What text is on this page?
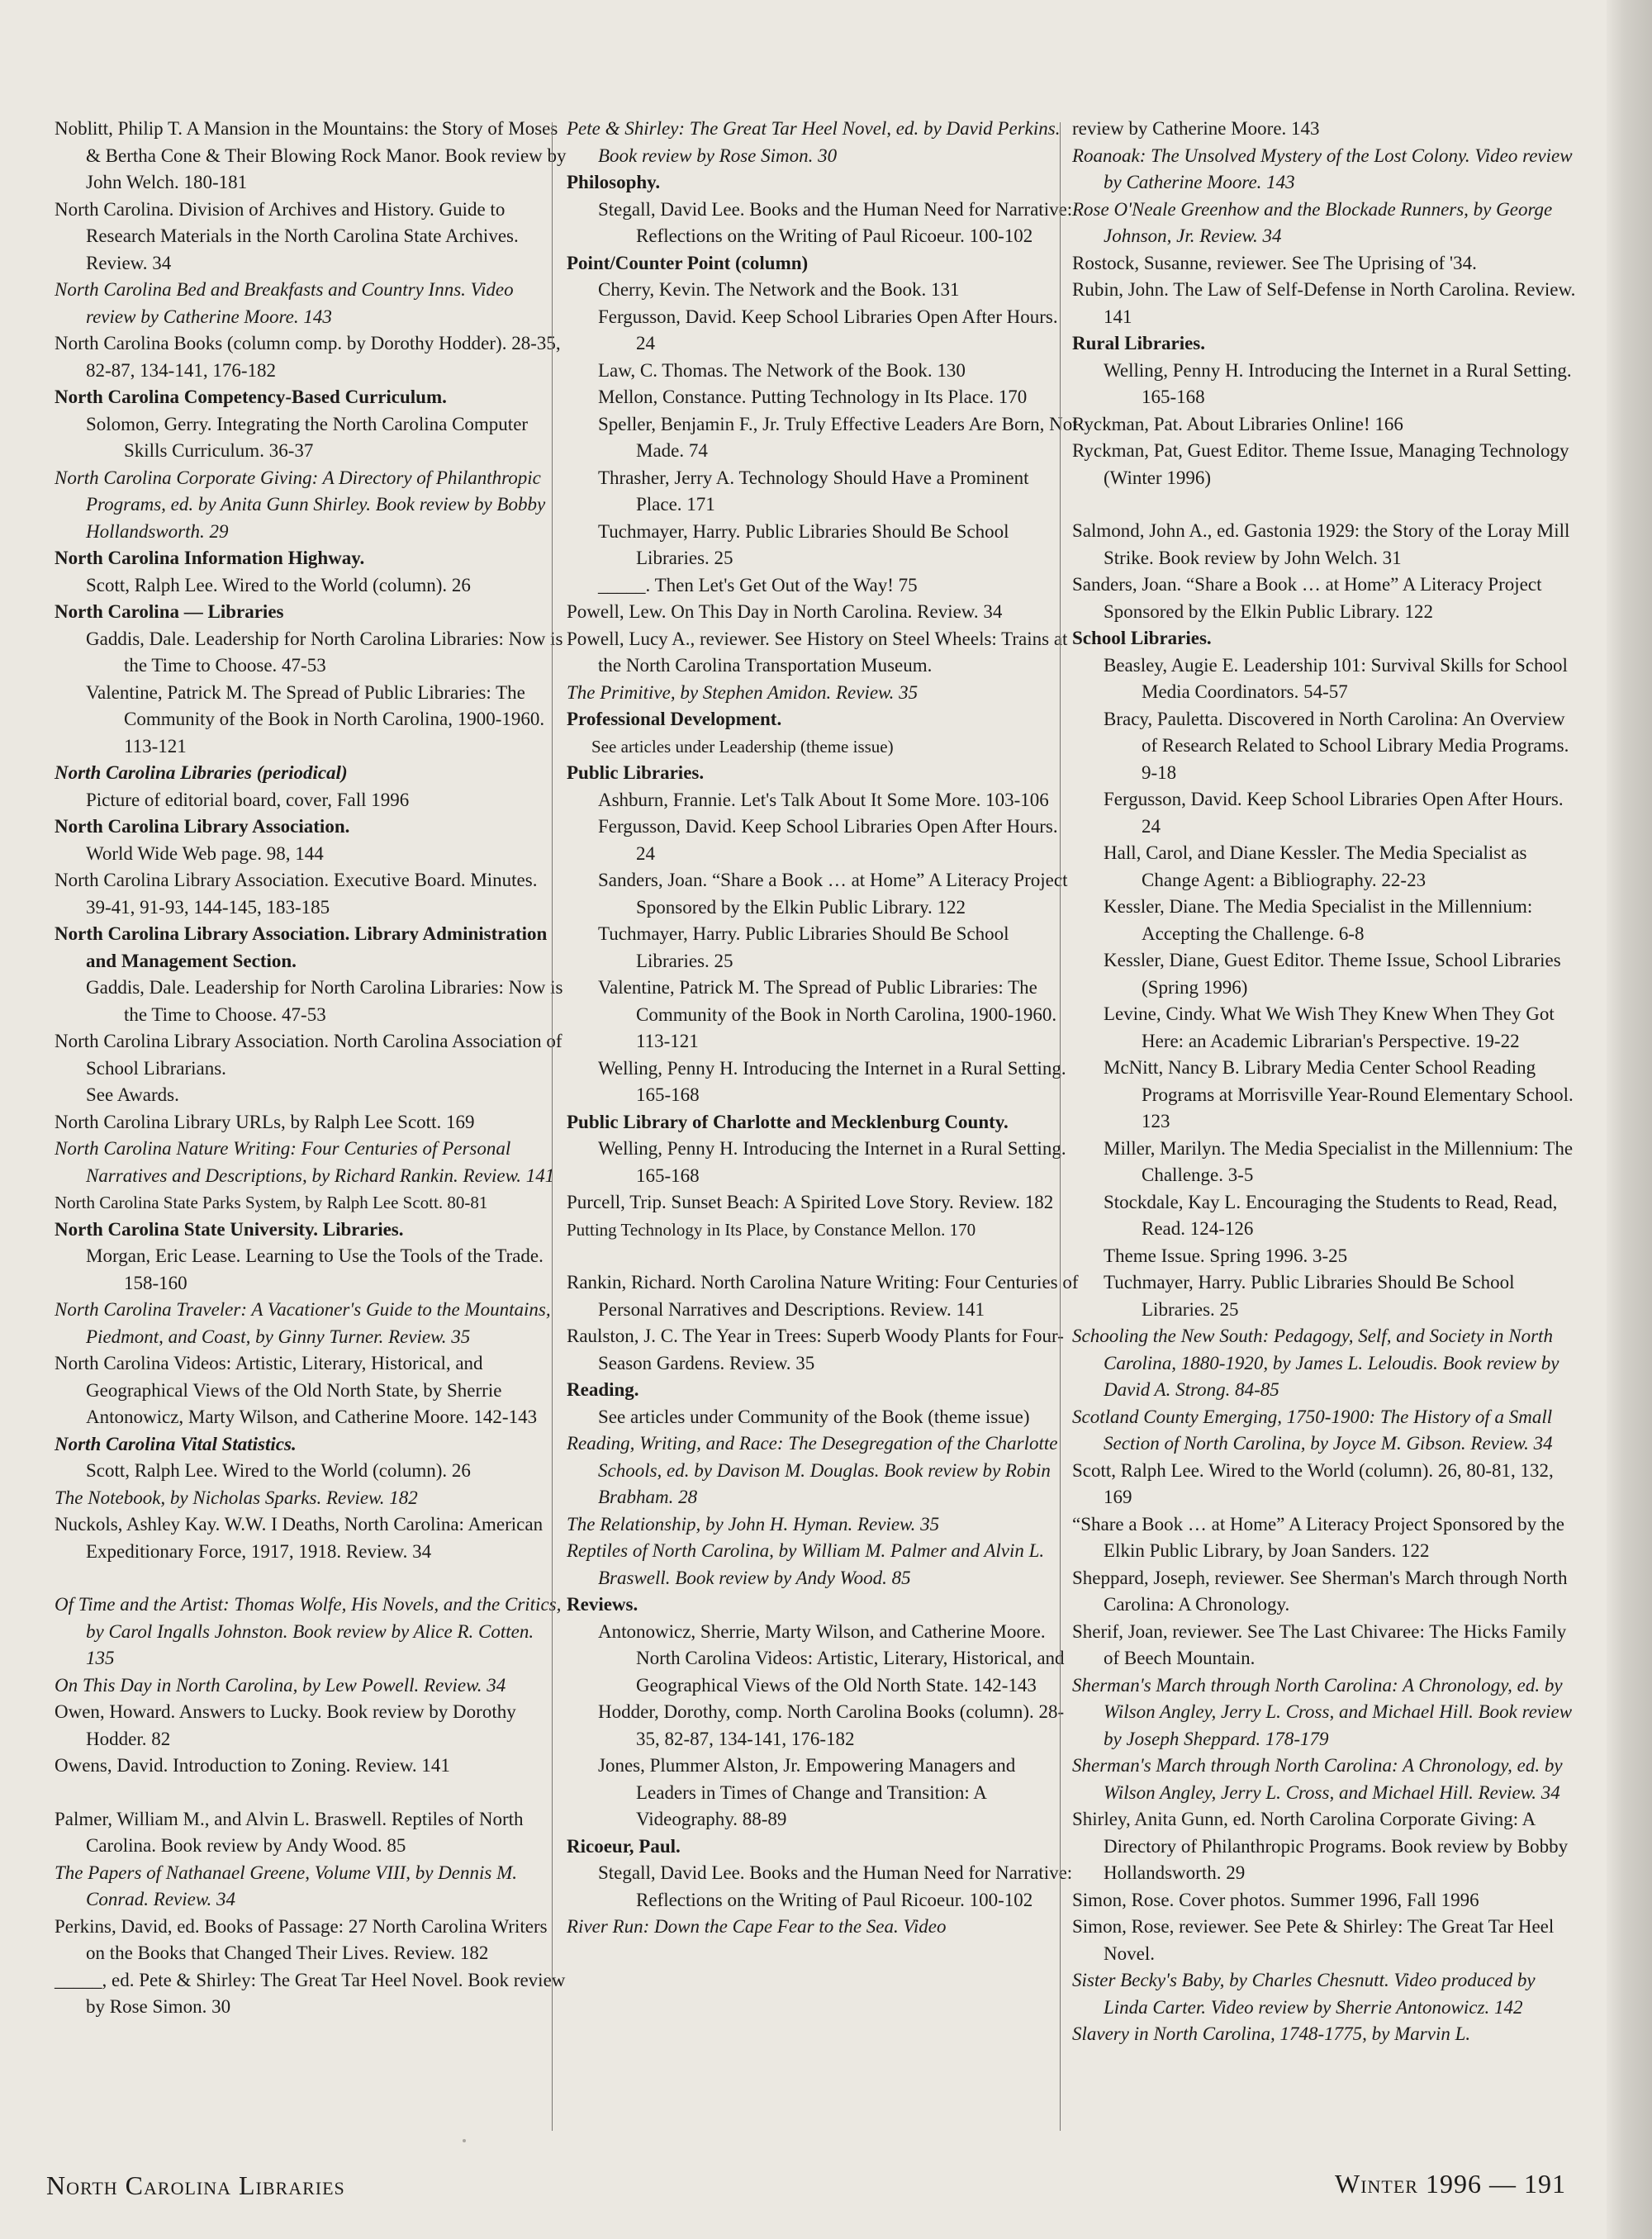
Noblitt, Philip T. A Mansion in the Mountains: the Story of Moses & Bertha Cone & Their Blowing Rock Manor. Book review by John Welch. 180-181
North Carolina. Division of Archives and History. Guide to Research Materials in the North Carolina State Archives. Review. 34
North Carolina Bed and Breakfasts and Country Inns. Video review by Catherine Moore. 143
North Carolina Books (column comp. by Dorothy Hodder). 28-35, 82-87, 134-141, 176-182
North Carolina Competency-Based Curriculum.
Solomon, Gerry. Integrating the North Carolina Computer Skills Curriculum. 36-37
North Carolina Corporate Giving: A Directory of Philanthropic Programs, ed. by Anita Gunn Shirley. Book review by Bobby Hollandsworth. 29
North Carolina Information Highway.
Scott, Ralph Lee. Wired to the World (column). 26
North Carolina — Libraries
Gaddis, Dale. Leadership for North Carolina Libraries: Now is the Time to Choose. 47-53
Valentine, Patrick M. The Spread of Public Libraries: The Community of the Book in North Carolina, 1900-1960. 113-121
North Carolina Libraries (periodical)
Picture of editorial board, cover, Fall 1996
North Carolina Library Association.
World Wide Web page. 98, 144
North Carolina Library Association. Executive Board. Minutes. 39-41, 91-93, 144-145, 183-185
North Carolina Library Association. Library Administration and Management Section.
Gaddis, Dale. Leadership for North Carolina Libraries: Now is the Time to Choose. 47-53
North Carolina Library Association. North Carolina Association of School Librarians.
See Awards.
North Carolina Library URLs, by Ralph Lee Scott. 169
North Carolina Nature Writing: Four Centuries of Personal Narratives and Descriptions, by Richard Rankin. Review. 141
North Carolina State Parks System, by Ralph Lee Scott. 80-81
North Carolina State University. Libraries.
Morgan, Eric Lease. Learning to Use the Tools of the Trade. 158-160
North Carolina Traveler: A Vacationer's Guide to the Mountains, Piedmont, and Coast, by Ginny Turner. Review. 35
North Carolina Videos: Artistic, Literary, Historical, and Geographical Views of the Old North State, by Sherrie Antonowicz, Marty Wilson, and Catherine Moore. 142-143
North Carolina Vital Statistics.
Scott, Ralph Lee. Wired to the World (column). 26
The Notebook, by Nicholas Sparks. Review. 182
Nuckols, Ashley Kay. W.W. I Deaths, North Carolina: American Expeditionary Force, 1917, 1918. Review. 34
Of Time and the Artist: Thomas Wolfe, His Novels, and the Critics, by Carol Ingalls Johnston. Book review by Alice R. Cotten. 135
On This Day in North Carolina, by Lew Powell. Review. 34
Owen, Howard. Answers to Lucky. Book review by Dorothy Hodder. 82
Owens, David. Introduction to Zoning. Review. 141
Palmer, William M., and Alvin L. Braswell. Reptiles of North Carolina. Book review by Andy Wood. 85
The Papers of Nathanael Greene, Volume VIII, by Dennis M. Conrad. Review. 34
Perkins, David, ed. Books of Passage: 27 North Carolina Writers on the Books that Changed Their Lives. Review. 182
_____, ed. Pete & Shirley: The Great Tar Heel Novel. Book review by Rose Simon. 30
Pete & Shirley: The Great Tar Heel Novel, ed. by David Perkins. Book review by Rose Simon. 30
Philosophy.
Stegall, David Lee. Books and the Human Need for Narrative: Reflections on the Writing of Paul Ricoeur. 100-102
Point/Counter Point (column)
Cherry, Kevin. The Network and the Book. 131
Fergusson, David. Keep School Libraries Open After Hours. 24
Law, C. Thomas. The Network of the Book. 130
Mellon, Constance. Putting Technology in Its Place. 170
Speller, Benjamin F., Jr. Truly Effective Leaders Are Born, Not Made. 74
Thrasher, Jerry A. Technology Should Have a Prominent Place. 171
Tuchmayer, Harry. Public Libraries Should Be School Libraries. 25
_____. Then Let's Get Out of the Way! 75
Powell, Lew. On This Day in North Carolina. Review. 34
Powell, Lucy A., reviewer. See History on Steel Wheels: Trains at the North Carolina Transportation Museum.
The Primitive, by Stephen Amidon. Review. 35
Professional Development.
See articles under Leadership (theme issue)
Public Libraries.
Ashburn, Frannie. Let's Talk About It Some More. 103-106
Fergusson, David. Keep School Libraries Open After Hours. 24
Sanders, Joan. “Share a Book … at Home” A Literacy Project Sponsored by the Elkin Public Library. 122
Tuchmayer, Harry. Public Libraries Should Be School Libraries. 25
Valentine, Patrick M. The Spread of Public Libraries: The Community of the Book in North Carolina, 1900-1960. 113-121
Welling, Penny H. Introducing the Internet in a Rural Setting. 165-168
Public Library of Charlotte and Mecklenburg County.
Welling, Penny H. Introducing the Internet in a Rural Setting. 165-168
Purcell, Trip. Sunset Beach: A Spirited Love Story. Review. 182
Putting Technology in Its Place, by Constance Mellon. 170
Rankin, Richard. North Carolina Nature Writing: Four Centuries of Personal Narratives and Descriptions. Review. 141
Raulston, J. C. The Year in Trees: Superb Woody Plants for Four-Season Gardens. Review. 35
Reading.
See articles under Community of the Book (theme issue)
Reading, Writing, and Race: The Desegregation of the Charlotte Schools, ed. by Davison M. Douglas. Book review by Robin Brabham. 28
The Relationship, by John H. Hyman. Review. 35
Reptiles of North Carolina, by William M. Palmer and Alvin L. Braswell. Book review by Andy Wood. 85
Reviews.
Antonowicz, Sherrie, Marty Wilson, and Catherine Moore. North Carolina Videos: Artistic, Literary, Historical, and Geographical Views of the Old North State. 142-143
Hodder, Dorothy, comp. North Carolina Books (column). 28-35, 82-87, 134-141, 176-182
Jones, Plummer Alston, Jr. Empowering Managers and Leaders in Times of Change and Transition: A Videography. 88-89
Ricoeur, Paul.
Stegall, David Lee. Books and the Human Need for Narrative: Reflections on the Writing of Paul Ricoeur. 100-102
River Run: Down the Cape Fear to the Sea. Video
review by Catherine Moore. 143
Roanoak: The Unsolved Mystery of the Lost Colony. Video review by Catherine Moore. 143
Rose O'Neale Greenhow and the Blockade Runners, by George Johnson, Jr. Review. 34
Rostock, Susanne, reviewer. See The Uprising of '34.
Rubin, John. The Law of Self-Defense in North Carolina. Review. 141
Rural Libraries.
Welling, Penny H. Introducing the Internet in a Rural Setting. 165-168
Ryckman, Pat. About Libraries Online! 166
Ryckman, Pat, Guest Editor. Theme Issue, Managing Technology (Winter 1996)
Salmond, John A., ed. Gastonia 1929: the Story of the Loray Mill Strike. Book review by John Welch. 31
Sanders, Joan. “Share a Book … at Home” A Literacy Project Sponsored by the Elkin Public Library. 122
School Libraries.
Beasley, Augie E. Leadership 101: Survival Skills for School Media Coordinators. 54-57
Bracy, Pauletta. Discovered in North Carolina: An Overview of Research Related to School Library Media Programs. 9-18
Fergusson, David. Keep School Libraries Open After Hours. 24
Hall, Carol, and Diane Kessler. The Media Specialist as Change Agent: a Bibliography. 22-23
Kessler, Diane. The Media Specialist in the Millennium: Accepting the Challenge. 6-8
Kessler, Diane, Guest Editor. Theme Issue, School Libraries (Spring 1996)
Levine, Cindy. What We Wish They Knew When They Got Here: an Academic Librarian's Perspective. 19-22
McNitt, Nancy B. Library Media Center School Reading Programs at Morrisville Year-Round Elementary School. 123
Miller, Marilyn. The Media Specialist in the Millennium: The Challenge. 3-5
Stockdale, Kay L. Encouraging the Students to Read, Read, Read. 124-126
Theme Issue. Spring 1996. 3-25
Tuchmayer, Harry. Public Libraries Should Be School Libraries. 25
Schooling the New South: Pedagogy, Self, and Society in North Carolina, 1880-1920, by James L. Leloudis. Book review by David A. Strong. 84-85
Scotland County Emerging, 1750-1900: The History of a Small Section of North Carolina, by Joyce M. Gibson. Review. 34
Scott, Ralph Lee. Wired to the World (column). 26, 80-81, 132, 169
“Share a Book … at Home” A Literacy Project Sponsored by the Elkin Public Library, by Joan Sanders. 122
Sheppard, Joseph, reviewer. See Sherman's March through North Carolina: A Chronology.
Sherif, Joan, reviewer. See The Last Chivaree: The Hicks Family of Beech Mountain.
Sherman's March through North Carolina: A Chronology, ed. by Wilson Angley, Jerry L. Cross, and Michael Hill. Book review by Joseph Sheppard. 178-179
Sherman's March through North Carolina: A Chronology, ed. by Wilson Angley, Jerry L. Cross, and Michael Hill. Review. 34
Shirley, Anita Gunn, ed. North Carolina Corporate Giving: A Directory of Philanthropic Programs. Book review by Bobby Hollandsworth. 29
Simon, Rose. Cover photos. Summer 1996, Fall 1996
Simon, Rose, reviewer. See Pete & Shirley: The Great Tar Heel Novel.
Sister Becky's Baby, by Charles Chesnutt. Video produced by Linda Carter. Video review by Sherrie Antonowicz. 142
Slavery in North Carolina, 1748-1775, by Marvin L.
North Carolina Libraries	Winter 1996 — 191
